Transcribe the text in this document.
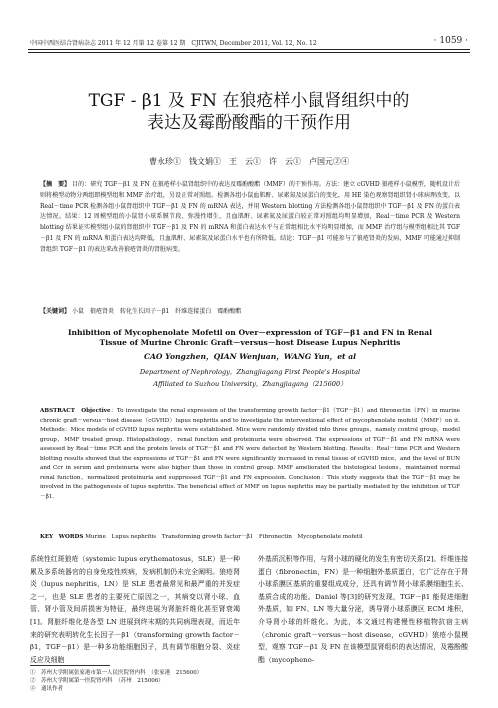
中国中西医结合肾病杂志 2011 年 12 月第 12 卷第 12 期　CJITWN, December 2011, Vol. 12, No. 12	· 1059 ·
TGF - β1 及 FN 在狼疮样小鼠肾组织中的
表达及霉酚酸酯的干预作用
曹永珍①　钱文娟①　王　云①　许　云①　卢国元②④
【摘　要】 目的：研究 TGF－β1 及 FN 在狼疮样小鼠肾组织中的表达及霉酚酸酯（MMF）的干预作用。方法：建立 cGVHD 狼疮样小鼠模型，随机设计后则将模型动物分两组即模型组和 MMF 治疗组，另设正常对照组。检测各组小鼠血肌酐、尿素氮及尿蛋白的变化，用 HE 染色观察肾组织肾小球病理改变，以 Real－time PCR 检测各组小鼠肾组织中 TGF－β1 及 FN 的 mRNA 表达，并用 Western blotting 方法检测各组小鼠肾组织中 TGF－β1 及 FN 的蛋白表达情况。结果：12 周模型组的小鼠肾小球系膜节段、弥漫性增生，且血肌酐、尿素氮及尿蛋白较正常对照组均明显增加，Real－time PCR 及 Western blotting 结果证实模型组小鼠的肾组织中 TGF－β1 及 FN 的 mRNA 和蛋白表达水平与正常组相比水平均明显增加，而 MMF 治疗组与模型组相比其 TGF－β1 及 FN 的 mRNA 和蛋白表达均降低，且血肌酐、尿素氮及尿蛋白水平也有所降低。结论：TGF－β1 可能参与了狼疮肾炎的发病，MMF 可能通过抑制肾组织 TGF－β1 的表达来改善狼疮肾炎的肾脏病变。
【关键词】 小鼠　狼疮肾炎　转化生长因子－β1　纤维连接蛋白　霉酚酸酯
Inhibition of Mycophenolate Mofetil on Over－expression of TGF－β1 and FN in Renal
Tissue of Murine Chronic Graft－versus－host Disease Lupus Nephritis
CAO Yongzhen，QIAN Wenjuan，WANG Yun，et al
Department of Nephrology，Zhangjiagang First People's Hospital
Affiliated to Suzhou University，Zhangjiagang（215600）
ABSTRACT　Objective：To investigate the renal expression of the transforming growth factor－β1（TGF－β1）and fibronectin（FN）in murine chronic graft－versus－host disease（cGVHD）lupus nephritis and to investigate the interventional effect of mycophenolate mofetil（MMF）on it. Methods：Mice models of cGVHD lupus nephritis were established. Mice were randomly divided into three groups，namely control group，model group，MMF treated group. Histopathology，renal function and proteinuria were observed. The expressions of TGF－β1 and FN mRNA were assessed by Real－time PCR and the protein levels of TGF－β1 and FN were detected by Western blotting. Results：Real－time PCR and Western blotting results showed that the expressions of TGF－β1 and FN were significantly increased in renal tissue of cGVHD mice，and the level of BUN and Ccr in serum and proteinuria were also higher than those in control group. MMF ameliorated the histological lesions，maintained normal renal function，normalized proteinuria and suppressed TGF－β1 and FN expression. Conclusion：This study suggests that the TGF－β1 may be involved in the pathogenesis of lupus nephritis. The beneficial effect of MMF on lupus nephritis may be partially mediated by the inhibition of TGF－β1.
KEY　WORDS Murine　Lupus nephritis　Transforming growth factor－β1　Fibronectin　Mycophenolate mofetil
系统性红斑狼疮（systemic lupus erythematosus，SLE）是一种累及多系统器官的自身免疫性疾病，发病机制仍未完全阐明。狼疮肾炎（lupus nephritis，LN）是 SLE 患者最常见和最严重的并发症之一，也是 SLE 患者的主要死亡原因之一，其病变以肾小球、血管、肾小管及间质损害为特征，最终进展为肾脏纤维化甚至肾衰竭[1]。肾脏纤维化是各型 LN 进展到终末期的共同病理表现，而近年来的研究表明转化生长因子－β1（transforming growth factor－β1，TGF－β1）是一种多功能细胞因子，具有调节细胞分裂、炎症反应及细胞
外基质沉积等作用，与肾小球的硬化的发生有密切关系[2]。纤维连接蛋白（fibronectin，FN）是一种细胞外基质蛋白，它广泛存在于肾小球系膜区基质的重要组成成分，还具有调节肾小球系膜细胞生长、基质合成的功能。Daniel 等[3]的研究发现，TGF－β1 能促进细胞外基质，如 FN、LN 等大量分泌，诱导肾小球系膜区 ECM 堆积，介导肾小球的纤维化。为此，本文通过构建慢性移植物抗宿主病（chronic graft－versus－host disease，cGVHD）狼疮小鼠模型，观察 TGF－β1 及 FN 在该模型鼠肾组织的表达情况，及霉酚酸酯（mycopheno-
①　苏州大学附属张家港市第一人民医院肾内科　（张家港　215600）
②　苏州大学附属第一医院肾内科　（苏州　215006）
④　通讯作者
